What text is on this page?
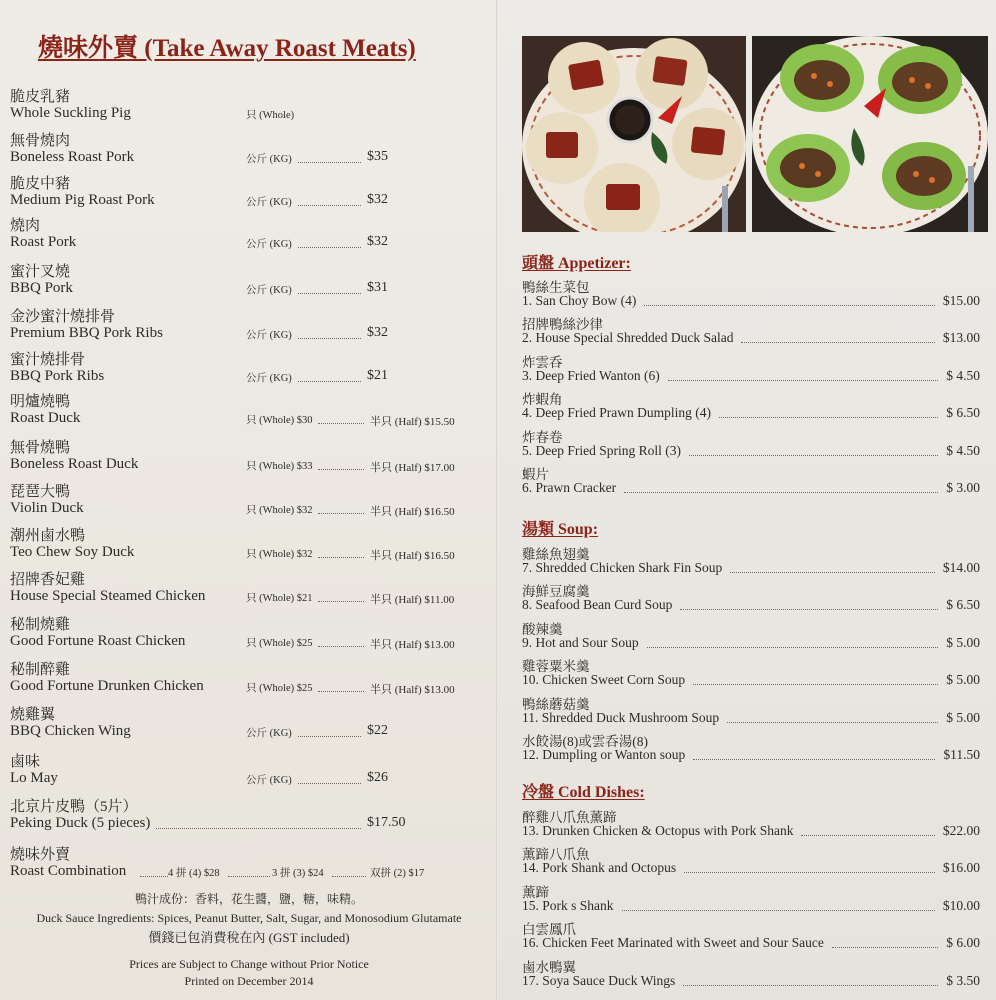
燒味外賣 (Take Away Roast Meats)
脆皮乳豬
Whole Suckling Pig	只 (Whole)
無骨燒肉
Boneless Roast Pork	公斤 (KG)	$35
脆皮中豬
Medium Pig Roast Pork	公斤 (KG)	$32
燒肉
Roast Pork	公斤 (KG)	$32
蜜汁叉燒
BBQ Pork	公斤 (KG)	$31
金沙蜜汁燒排骨
Premium BBQ Pork Ribs	公斤 (KG)	$32
蜜汁燒排骨
BBQ Pork Ribs	公斤 (KG)	$21
明爐燒鴨
Roast Duck	只 (Whole) $30	半只 (Half) $15.50
無骨燒鴨
Boneless Roast Duck	只 (Whole) $33	半只 (Half) $17.00
琵琶大鴨
Violin Duck	只 (Whole) $32	半只 (Half) $16.50
潮州鹵水鴨
Teo Chew Soy Duck	只 (Whole) $32	半只 (Half) $16.50
招牌香妃雞
House Special Steamed Chicken	只 (Whole) $21	半只 (Half) $11.00
秘制燒雞
Good Fortune Roast Chicken	只 (Whole) $25	半只 (Half) $13.00
秘制醉雞
Good Fortune Drunken Chicken	只 (Whole) $25	半只 (Half) $13.00
燒雞翼
BBQ Chicken Wing	公斤 (KG)	$22
鹵味
Lo May	公斤 (KG)	$26
北京片皮鴨（5片）
Peking Duck (5 pieces)	$17.50
燒味外賣
Roast Combination	4 拼 (4) $28	3 拼 (3) $24	双拼 (2) $17
鴨汁成份：香料，花生醬，鹽，糖，味精。
Duck Sauce Ingredients: Spices, Peanut Butter, Salt, Sugar, and Monosodium Glutamate
價錢已包消費稅在內 (GST included)
Prices are Subject to Change without Prior Notice
Printed on December 2014
頭盤 Appetizer:
鴨絲生菜包
1. San Choy Bow (4)	$15.00
招牌鴨絲沙律
2. House Special Shredded Duck Salad	$13.00
炸雲呑
3. Deep Fried Wanton (6)	$ 4.50
炸蝦角
4. Deep Fried Prawn Dumpling (4)	$ 6.50
炸春卷
5. Deep Fried Spring Roll (3)	$ 4.50
蝦片
6. Prawn Cracker	$ 3.00
湯類 Soup:
雞絲魚翅羹
7. Shredded Chicken Shark Fin Soup	$14.00
海鮮豆腐羹
8. Seafood Bean Curd Soup	$ 6.50
酸辣羹
9. Hot and Sour Soup	$ 5.00
雞蓉粟米羹
10. Chicken Sweet Corn Soup	$ 5.00
鴨絲蘑菇羹
11. Shredded Duck Mushroom Soup	$ 5.00
水餃湯(8)或雲呑湯(8)
12. Dumpling or Wanton soup	$11.50
冷盤 Cold Dishes:
醉雞八爪魚薰蹄
13. Drunken Chicken & Octopus with Pork Shank	$22.00
薰蹄八爪魚
14. Pork Shank and Octopus	$16.00
薰蹄
15. Pork s Shank	$10.00
白雲鳳爪
16. Chicken Feet Marinated with Sweet and Sour Sauce	$ 6.00
鹵水鴨翼
17. Soya Sauce Duck Wings	$ 3.50
